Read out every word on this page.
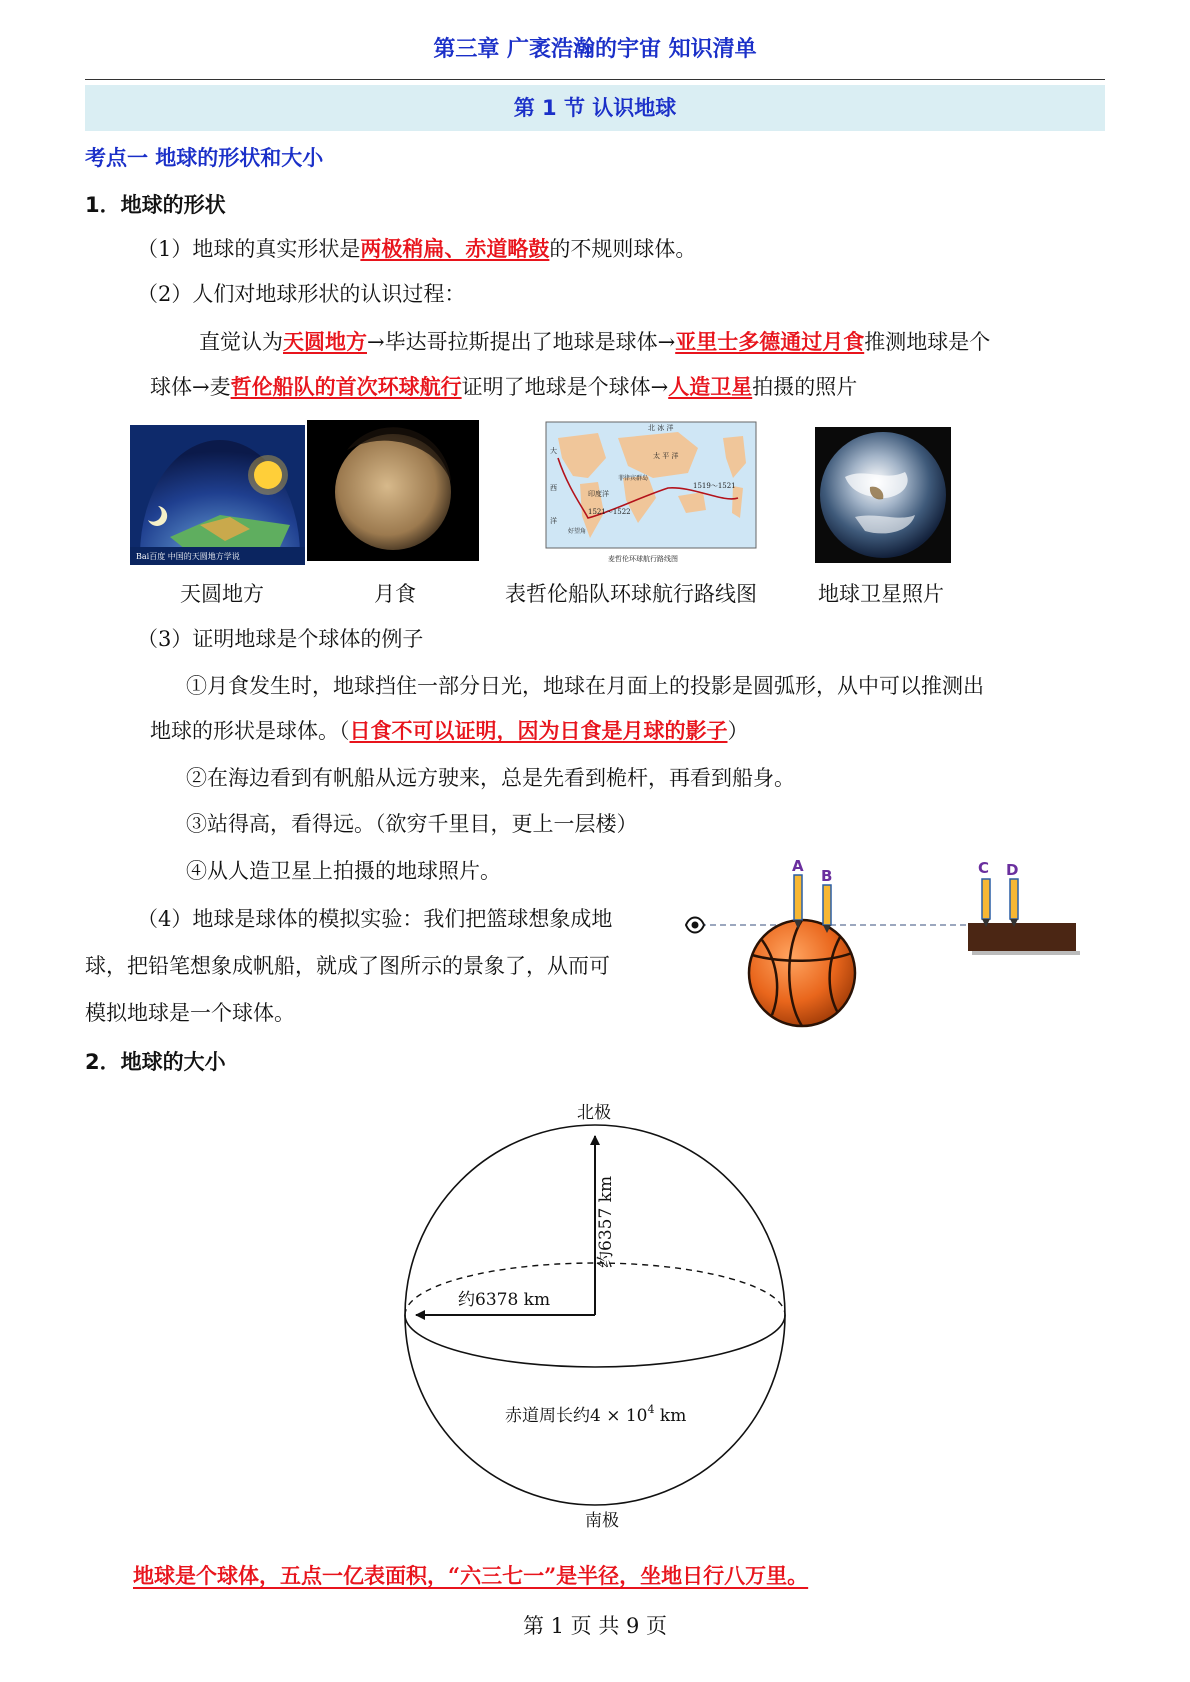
第三章 广袤浩瀚的宇宙 知识清单
第 1 节 认识地球
考点一 地球的形状和大小
1．地球的形状
（1）地球的真实形状是两极稍扁、赤道略鼓的不规则球体。
（2）人们对地球形状的认识过程：
直觉认为天圆地方→毕达哥拉斯提出了地球是球体→亚里士多德通过月食推测地球是个
球体→麦哲伦船队的首次环球航行证明了地球是个球体→人造卫星拍摄的照片
Bai百度 中国的天圆地方学说
北 冰 洋
太 平 洋
印度洋
大
西
洋
1519～1521
1521～1522
菲律宾群岛
好望角
麦哲伦环球航行路线图
天圆地方	月食	表哲伦船队环球航行路线图	地球卫星照片
（3）证明地球是个球体的例子
①月食发生时，地球挡住一部分日光，地球在月面上的投影是圆弧形，从中可以推测出
地球的形状是球体。（日食不可以证明，因为日食是月球的影子）
②在海边看到有帆船从远方驶来，总是先看到桅杆，再看到船身。
③站得高，看得远。（欲穷千里目，更上一层楼）
④从人造卫星上拍摄的地球照片。
（4）地球是球体的模拟实验：我们把篮球想象成地
球，把铅笔想象成帆船，就成了图所示的景象了，从而可
模拟地球是一个球体。
A
B	C D
2．地球的大小
北极
南极
约6378 km
约6357 km
赤道周长约$4 \times 10^4$ km
地球是个球体，五点一亿表面积，“六三七一”是半径，坐地日行八万里。
第 1 页 共 9 页
